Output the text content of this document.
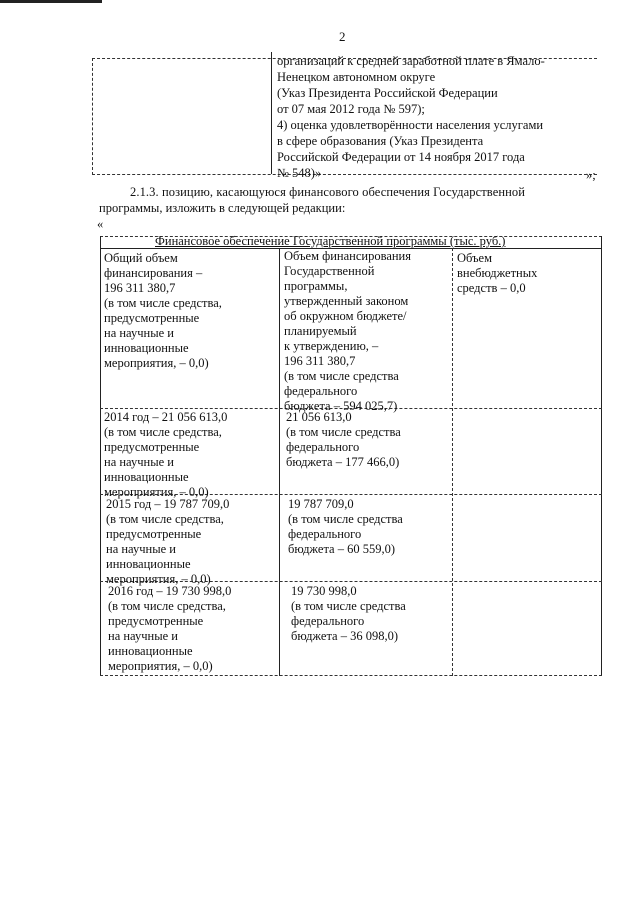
2
организаций к средней заработной плате в Ямало-
Ненецком автономном округе
(Указ Президента Российской Федерации
от 07 мая 2012 года № 597);
4) оценка удовлетворённости населения услугами
в сфере образования (Указ Президента
Российской Федерации от 14 ноября 2017 года
№ 548)»	»;
2.1.3. позицию, касающуюся финансового обеспечения Государственной
программы, изложить в следующей редакции:
«
Финансовое обеспечение Государственной программы (тыс. руб.)
Общий объем
финансирования –
196 311 380,7
(в том числе средства,
предусмотренные
на научные и
инновационные
мероприятия, – 0,0)
Объем финансирования
Государственной
программы,
утвержденный законом
об окружном бюджете/
планируемый
к утверждению, –
196 311 380,7
(в том числе средства
федерального
бюджета – 594 025,7)
Объем
внебюджетных
средств – 0,0
2014 год – 21 056 613,0
(в том числе средства,
предусмотренные
на научные и
инновационные
мероприятия, – 0,0)
21 056 613,0
(в том числе средства
федерального
бюджета – 177 466,0)
2015 год – 19 787 709,0
(в том числе средства,
предусмотренные
на научные и
инновационные
мероприятия, – 0,0)
19 787 709,0
(в том числе средства
федерального
бюджета – 60 559,0)
2016 год – 19 730 998,0
(в том числе средства,
предусмотренные
на научные и
инновационные
мероприятия, – 0,0)
19 730 998,0
(в том числе средства
федерального
бюджета – 36 098,0)
